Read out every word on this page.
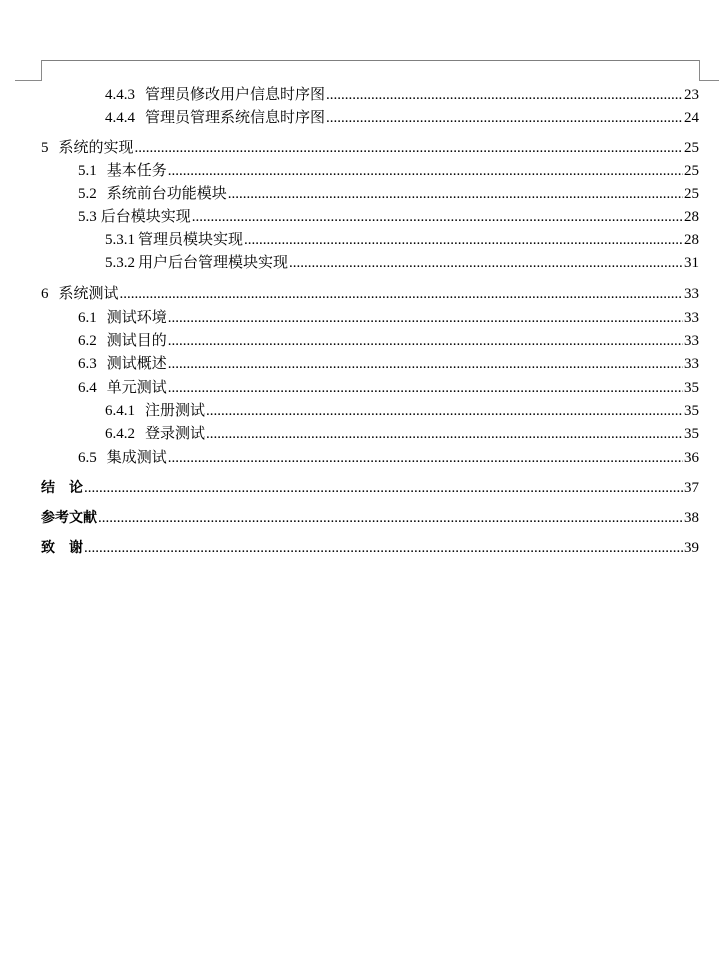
4.4.3 管理员修改用户信息时序图 .....	23
4.4.4 管理员管理系统信息时序图 .....	24
5 系统的实现 .....	25
5.1 基本任务 .....	25
5.2 系统前台功能模块 .....	25
5.3 后台模块实现 .....	28
5.3.1 管理员模块实现 .....	28
5.3.2 用户后台管理模块实现 .....	31
6 系统测试 .....	33
6.1 测试环境 .....	33
6.2 测试目的 .....	33
6.3 测试概述 .....	33
6.4 单元测试 .....	35
6.4.1 注册测试 .....	35
6.4.2 登录测试 .....	35
6.5 集成测试 .....	36
结　论 .....	37
参考文献 .....	38
致　谢 .....	39
